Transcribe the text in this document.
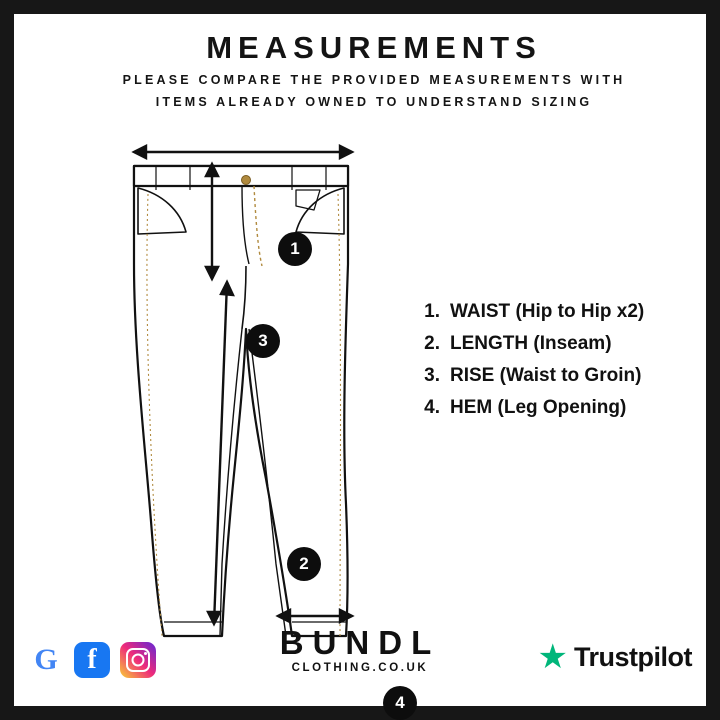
MEASUREMENTS
PLEASE COMPARE THE PROVIDED MEASUREMENTS WITH
ITEMS ALREADY OWNED TO UNDERSTAND SIZING
1
3
2
4
1. WAIST
(Hip to Hip x2)
2. LENGTH
(Inseam)
3. RISE
(Waist to Groin)
4. HEM
(Leg Opening)
G	f	BUNDL
CLOTHING.CO.UK	★ Trustpilot
